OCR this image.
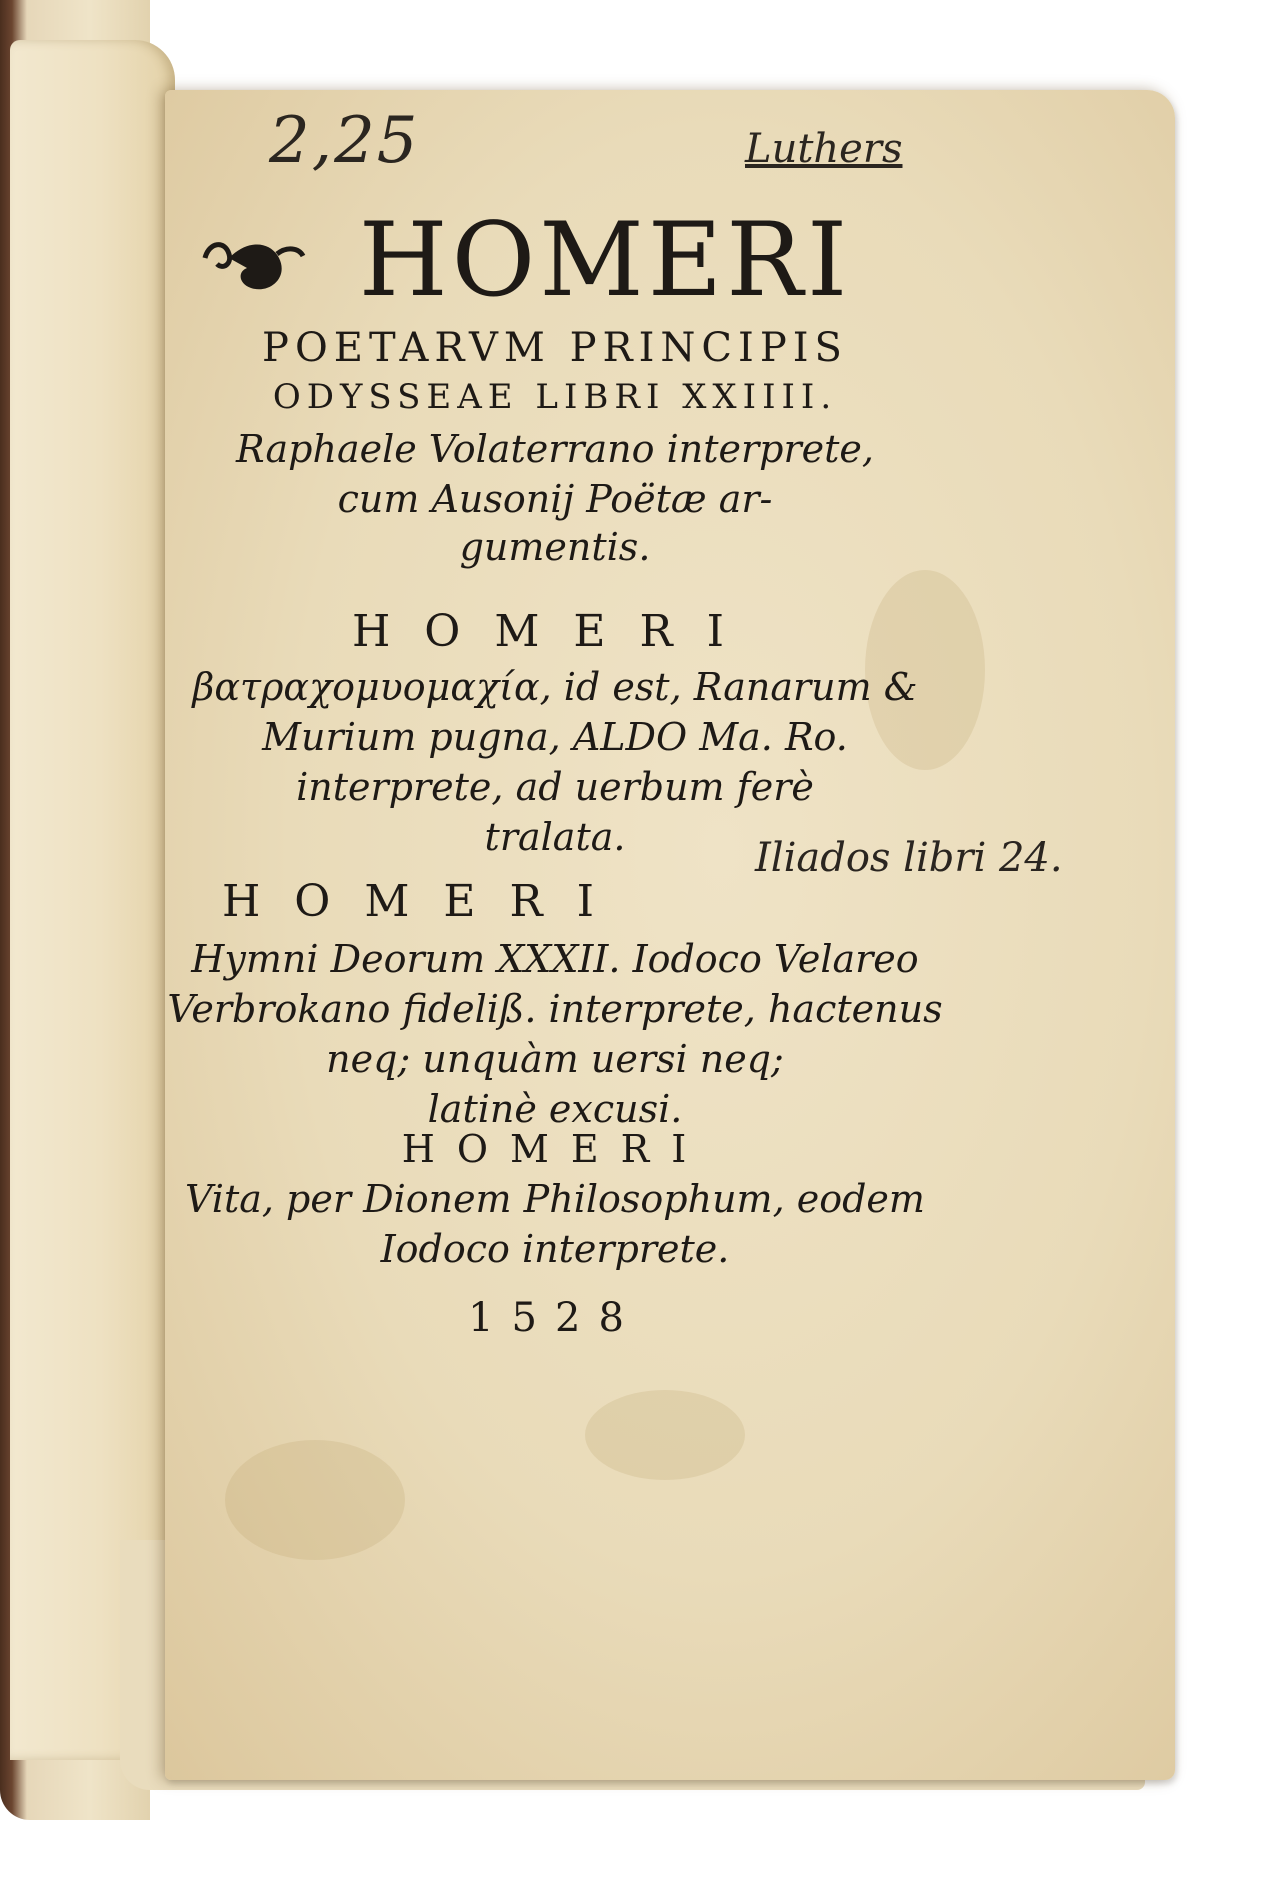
2,25	Luthers
HOMERI
POETARVM PRINCIPIS
ODYSSEAE LIBRI XXIIII.
Raphaele Volaterrano interprete,
cum Ausonij Poëtæ ar-
gumentis.
HOMERI
βατραχομυομαχία, id est, Ranarum &
Murium pugna, ALDO Ma. Ro.
interprete, ad uerbum ferè
tralata.
HOMERI
Iliados libri 24.
Hymni Deorum XXXII. Iodoco Velareo
Verbrokano fideliß. interprete, hactenus
neq; unquàm uersi neq;
latinè excusi.
HOMERI
Vita, per Dionem Philosophum, eodem
Iodoco interprete.
1528
